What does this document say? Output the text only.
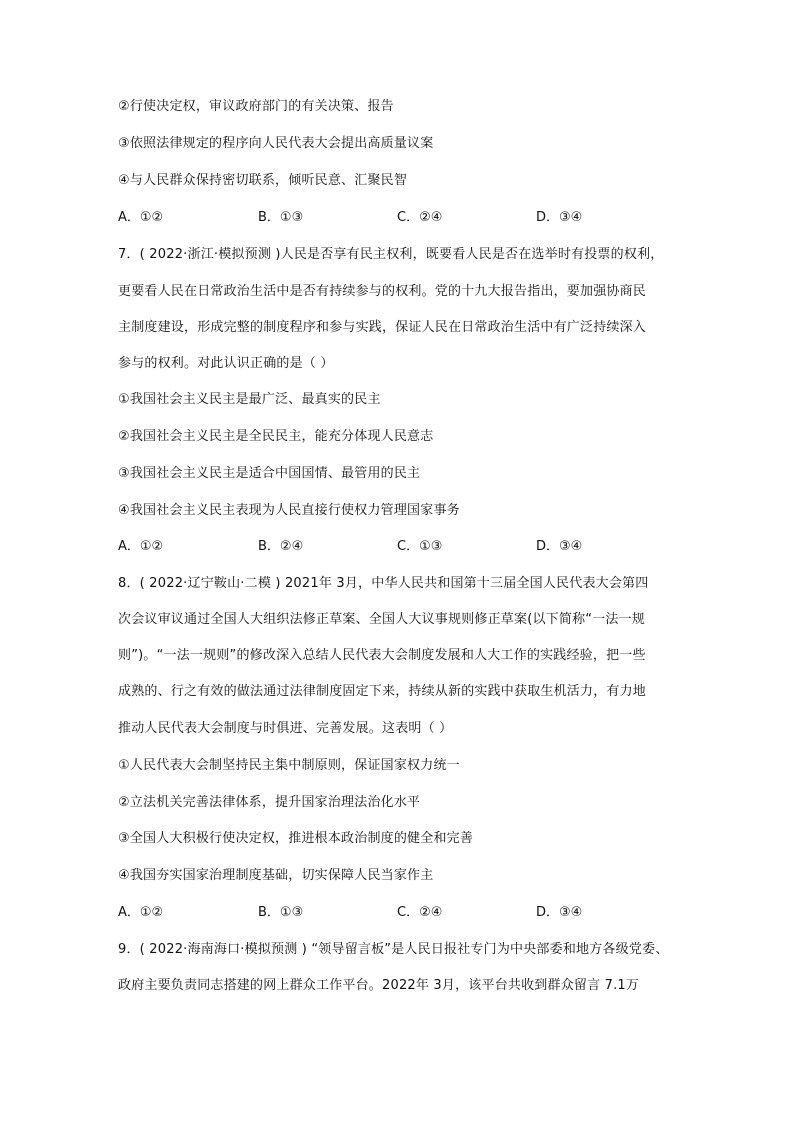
②行使决定权，审议政府部门的有关决策、报告
③依照法律规定的程序向人民代表大会提出高质量议案
④与人民群众保持密切联系，倾听民意、汇聚民智
A．①②	B．①③	C．②④	D．③④
7．( 2022·浙江·模拟预测 )人民是否享有民主权利，既要看人民是否在选举时有投票的权利，
更要看人民在日常政治生活中是否有持续参与的权利。党的十九大报告指出，要加强协商民
主制度建设，形成完整的制度程序和参与实践，保证人民在日常政治生活中有广泛持续深入
参与的权利。对此认识正确的是（ ）
①我国社会主义民主是最广泛、最真实的民主
②我国社会主义民主是全民民主，能充分体现人民意志
③我国社会主义民主是适合中国国情、最管用的民主
④我国社会主义民主表现为人民直接行使权力管理国家事务
A．①②	B．②④	C．①③	D．③④
8．( 2022·辽宁鞍山·二模 ) 2021年 3月，中华人民共和国第十三届全国人民代表大会第四
次会议审议通过全国人大组织法修正草案、全国人大议事规则修正草案(以下简称“一法一规
则”)。“一法一规则”的修改深入总结人民代表大会制度发展和人大工作的实践经验，把一些
成熟的、行之有效的做法通过法律制度固定下来，持续从新的实践中获取生机活力，有力地
推动人民代表大会制度与时俱进、完善发展。这表明（ ）
①人民代表大会制坚持民主集中制原则，保证国家权力统一
②立法机关完善法律体系，提升国家治理法治化水平
③全国人大积极行使决定权，推进根本政治制度的健全和完善
④我国夯实国家治理制度基础，切实保障人民当家作主
A．①②	B．①③	C．②④	D．③④
9．( 2022·海南海口·模拟预测 ) “领导留言板”是人民日报社专门为中央部委和地方各级党委、
政府主要负责同志搭建的网上群众工作平台。2022年 3月，该平台共收到群众留言 7.1万
